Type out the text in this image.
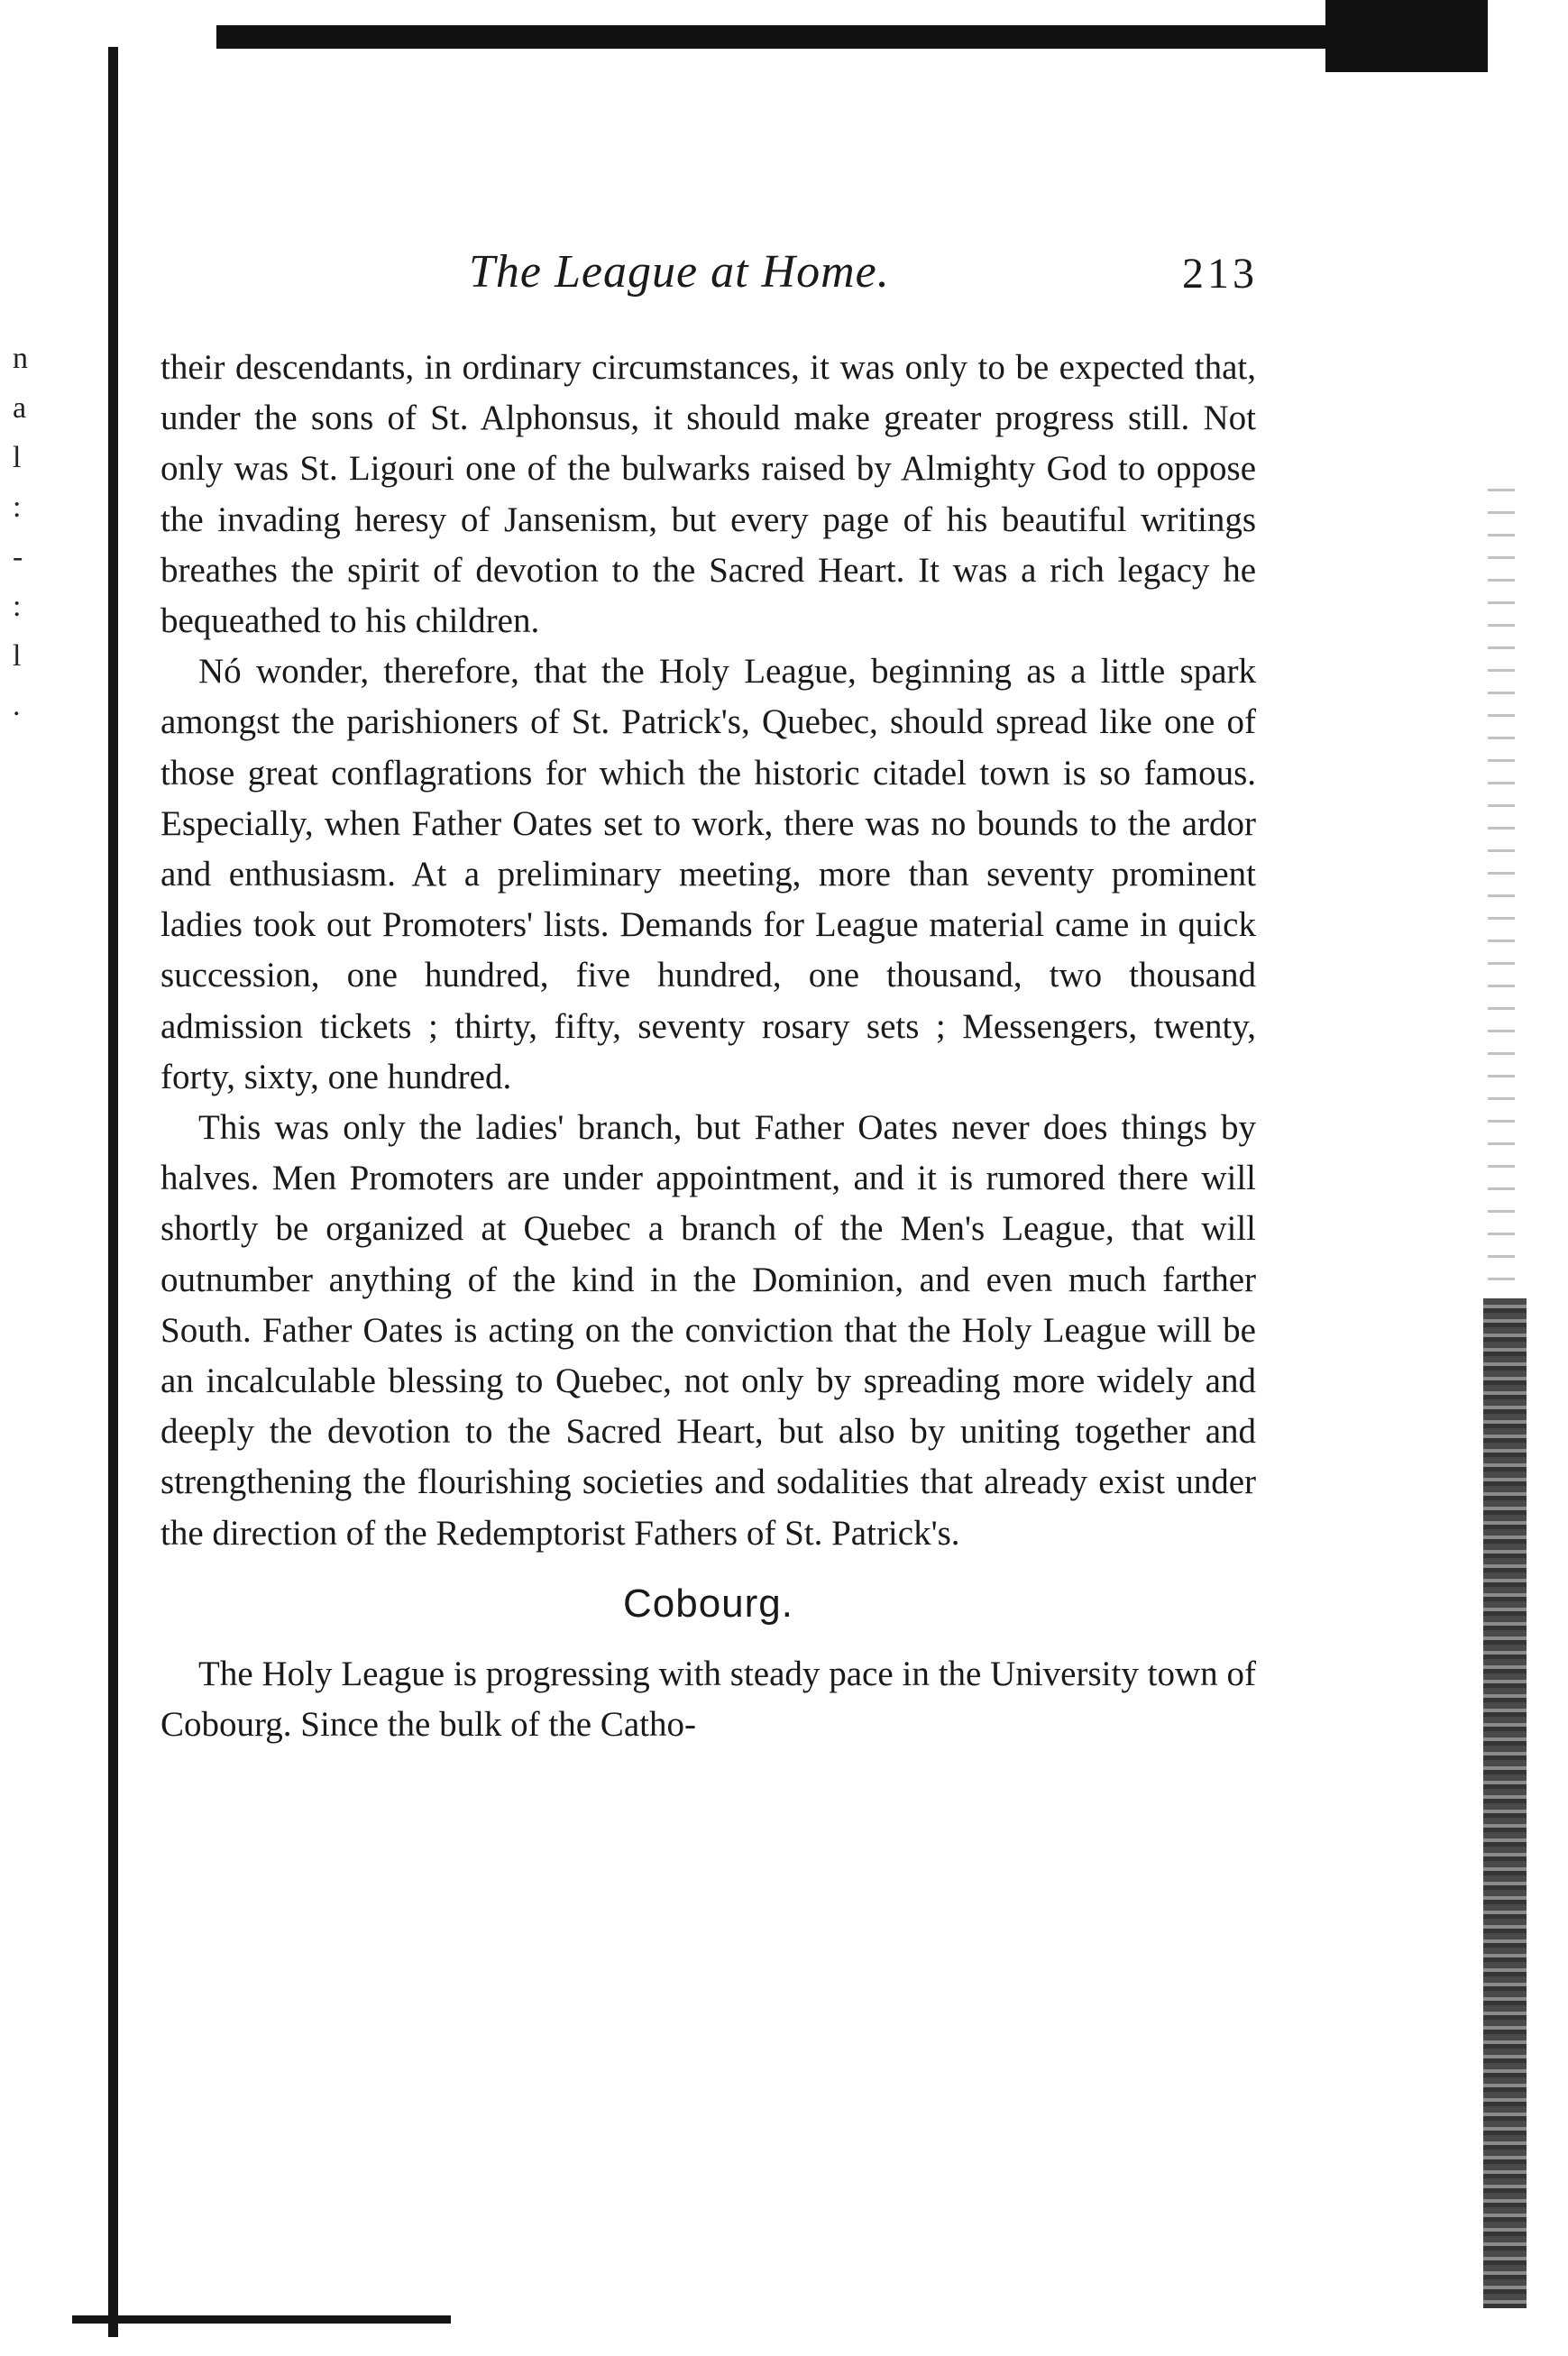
n
a
l
:
-
:
l
.
The League at Home.	213

their descendants, in ordinary circumstances, it was only to be expected that, under the sons of St. Alphonsus, it should make greater progress still. Not only was St. Ligouri one of the bulwarks raised by Almighty God to oppose the invading heresy of Jansenism, but every page of his beautiful writings breathes the spirit of devotion to the Sacred Heart. It was a rich legacy he bequeathed to his children.

Nó wonder, therefore, that the Holy League, beginning as a little spark amongst the parishioners of St. Patrick's, Quebec, should spread like one of those great conflagrations for which the historic citadel town is so famous. Especially, when Father Oates set to work, there was no bounds to the ardor and enthusiasm. At a preliminary meeting, more than seventy prominent ladies took out Promoters' lists. Demands for League material came in quick succession, one hundred, five hundred, one thousand, two thousand admission tickets ; thirty, fifty, seventy rosary sets ; Messengers, twenty, forty, sixty, one hundred.

This was only the ladies' branch, but Father Oates never does things by halves. Men Promoters are under appointment, and it is rumored there will shortly be organized at Quebec a branch of the Men's League, that will outnumber anything of the kind in the Dominion, and even much farther South. Father Oates is acting on the conviction that the Holy League will be an incalculable blessing to Quebec, not only by spreading more widely and deeply the devotion to the Sacred Heart, but also by uniting together and strengthening the flourishing societies and sodalities that already exist under the direction of the Redemptorist Fathers of St. Patrick's.

Cobourg.

The Holy League is progressing with steady pace in the University town of Cobourg. Since the bulk of the Catho-
